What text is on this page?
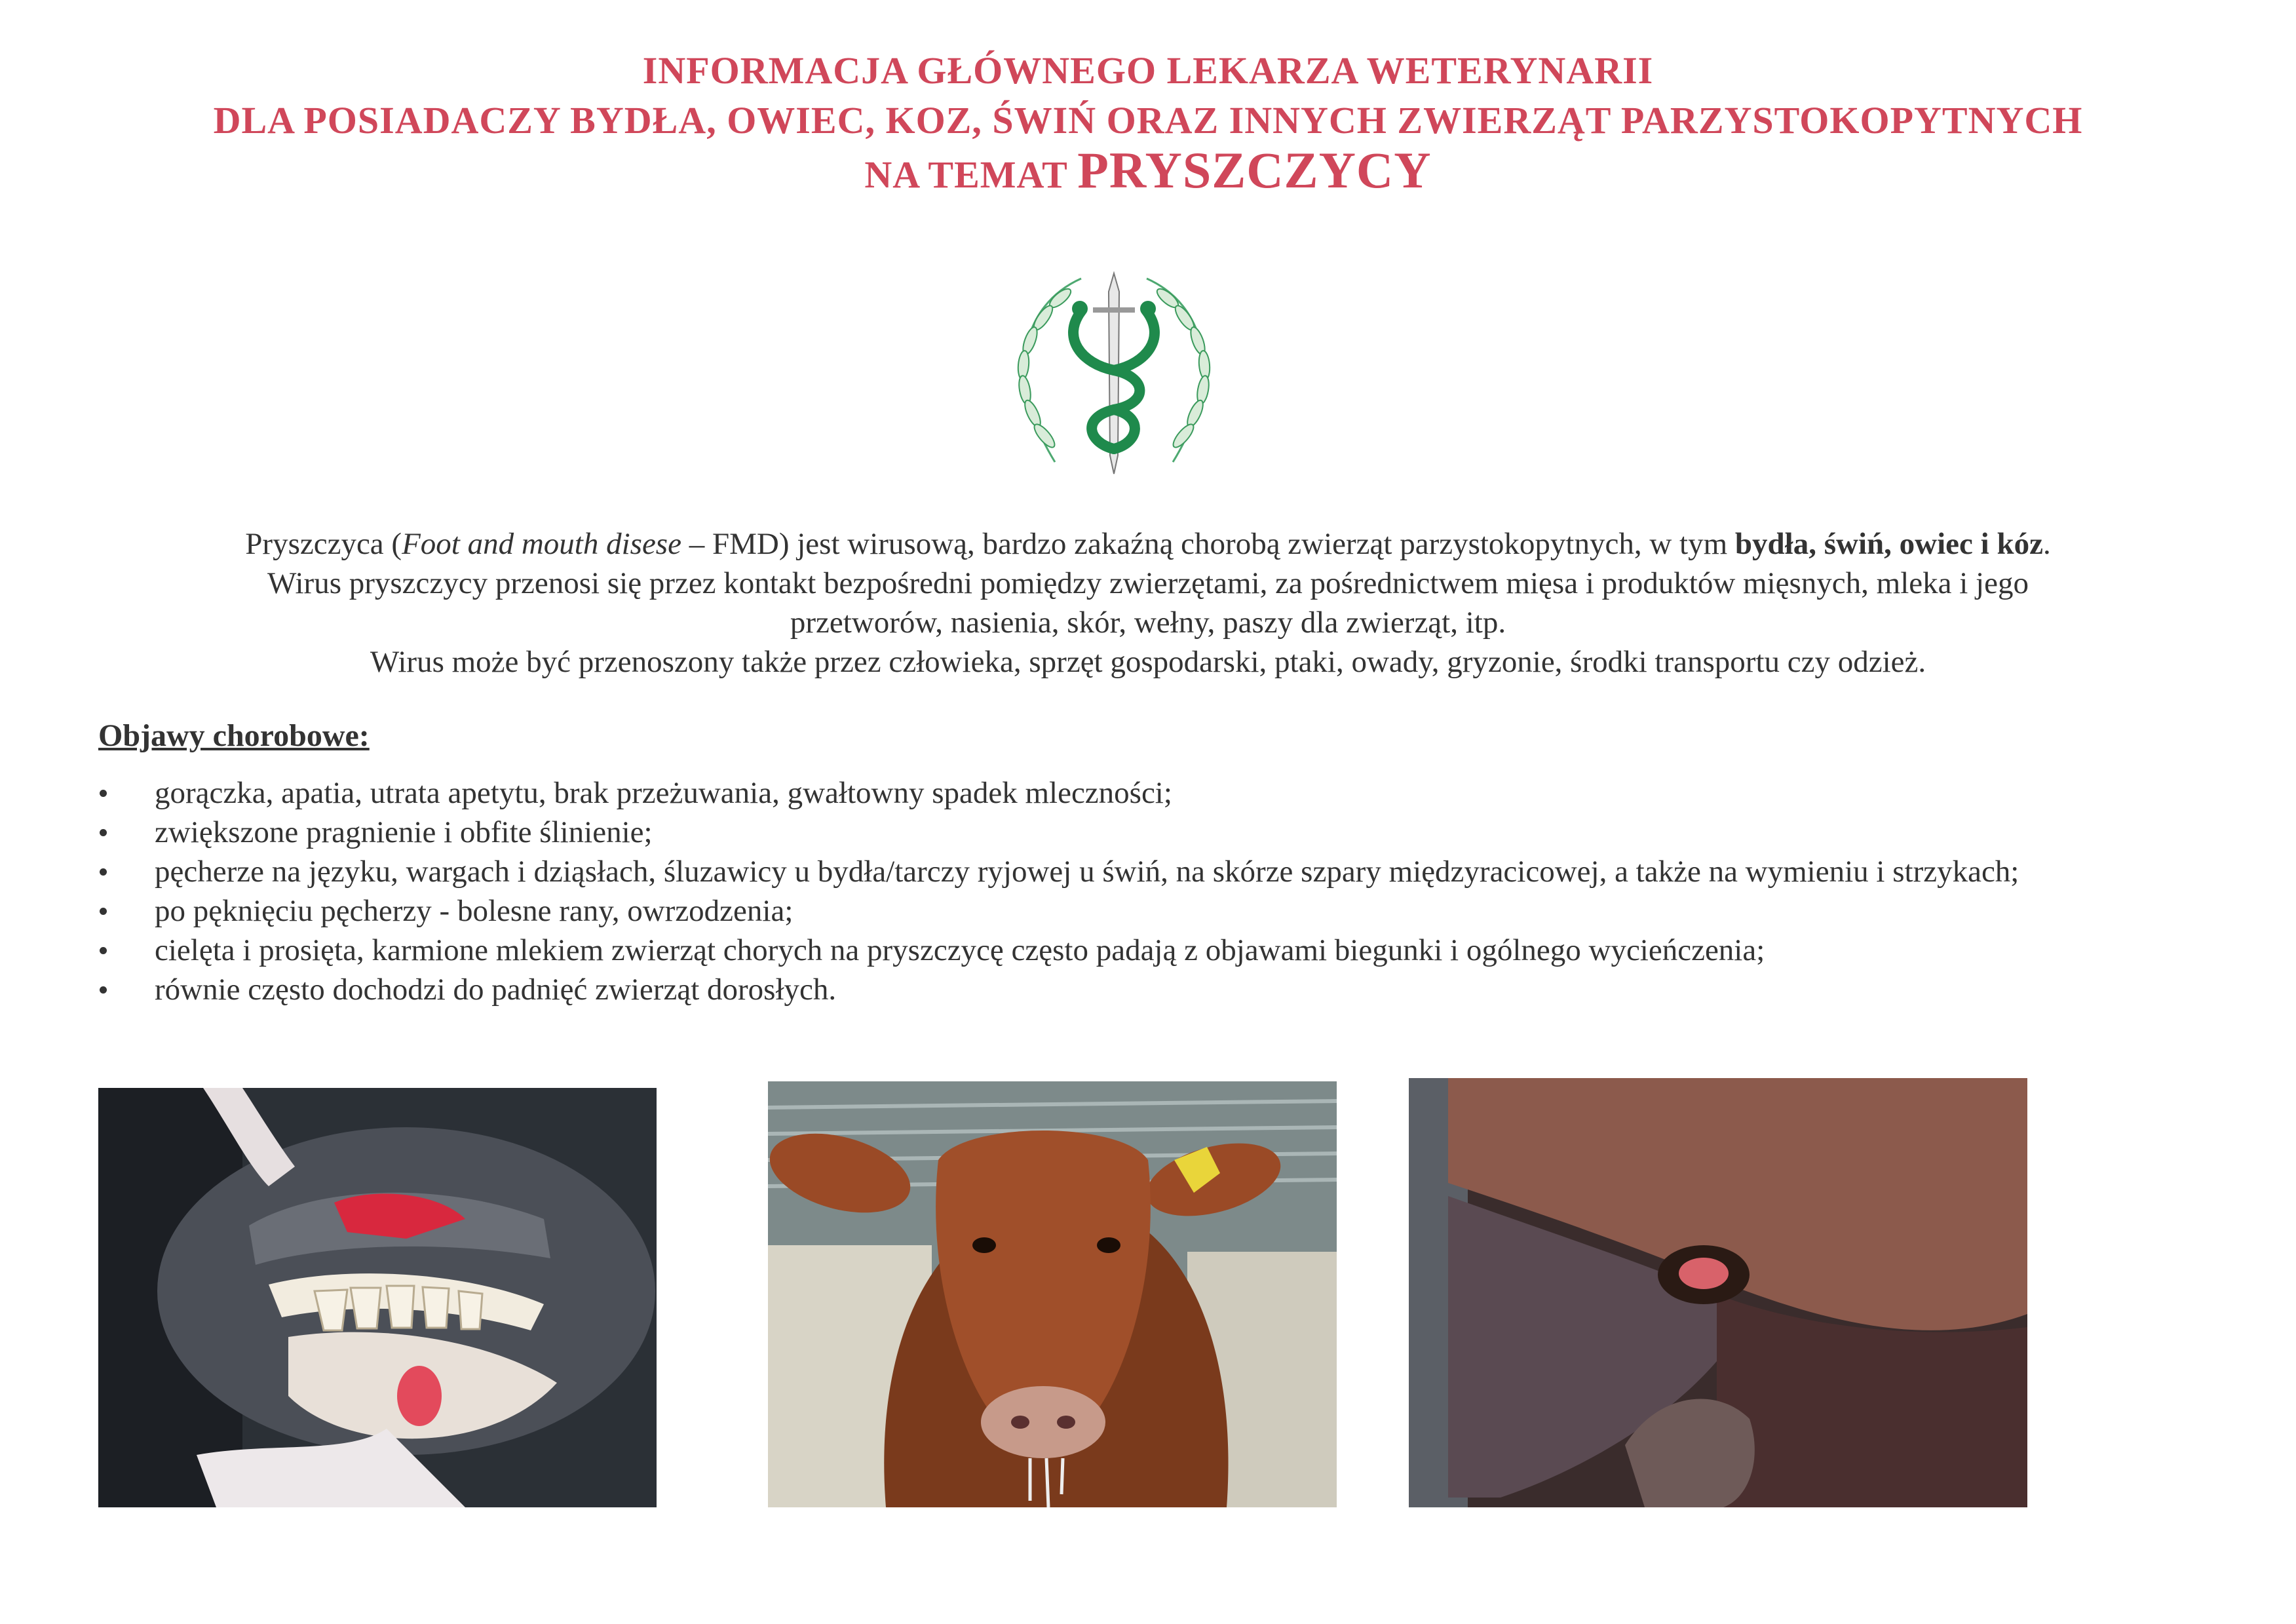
INFORMACJA GŁÓWNEGO LEKARZA WETERYNARII
DLA POSIADACZY BYDŁA, OWIEC, KOZ, ŚWIŃ ORAZ INNYCH ZWIERZĄT PARZYSTOKOPYTNYCH
NA TEMAT PRYSZCZYCY

Pryszczyca (Foot and mouth disese – FMD) jest wirusową, bardzo zakaźną chorobą zwierząt parzystokopytnych, w tym bydła, świń, owiec i kóz.

Wirus pryszczycy przenosi się przez kontakt bezpośredni pomiędzy zwierzętami, za pośrednictwem mięsa i produktów mięsnych, mleka i jego

przetworów, nasienia, skór, wełny, paszy dla zwierząt, itp.

Wirus może być przenoszony także przez człowieka, sprzęt gospodarski, ptaki, owady, gryzonie, środki transportu czy odzież.

Objawy chorobowe:
gorączka, apatia, utrata apetytu, brak przeżuwania, gwałtowny spadek mleczności;
zwiększone pragnienie i obfite ślinienie;
pęcherze na języku, wargach i dziąsłach, śluzawicy u bydła/tarczy ryjowej u świń, na skórze szpary międzyracicowej, a także na wymieniu i strzykach;
po pęknięciu pęcherzy - bolesne rany, owrzodzenia;
cielęta i prosięta, karmione mlekiem zwierząt chorych na pryszczycę często padają z objawami biegunki i ogólnego wycieńczenia;
równie często dochodzi do padnięć zwierząt dorosłych.
